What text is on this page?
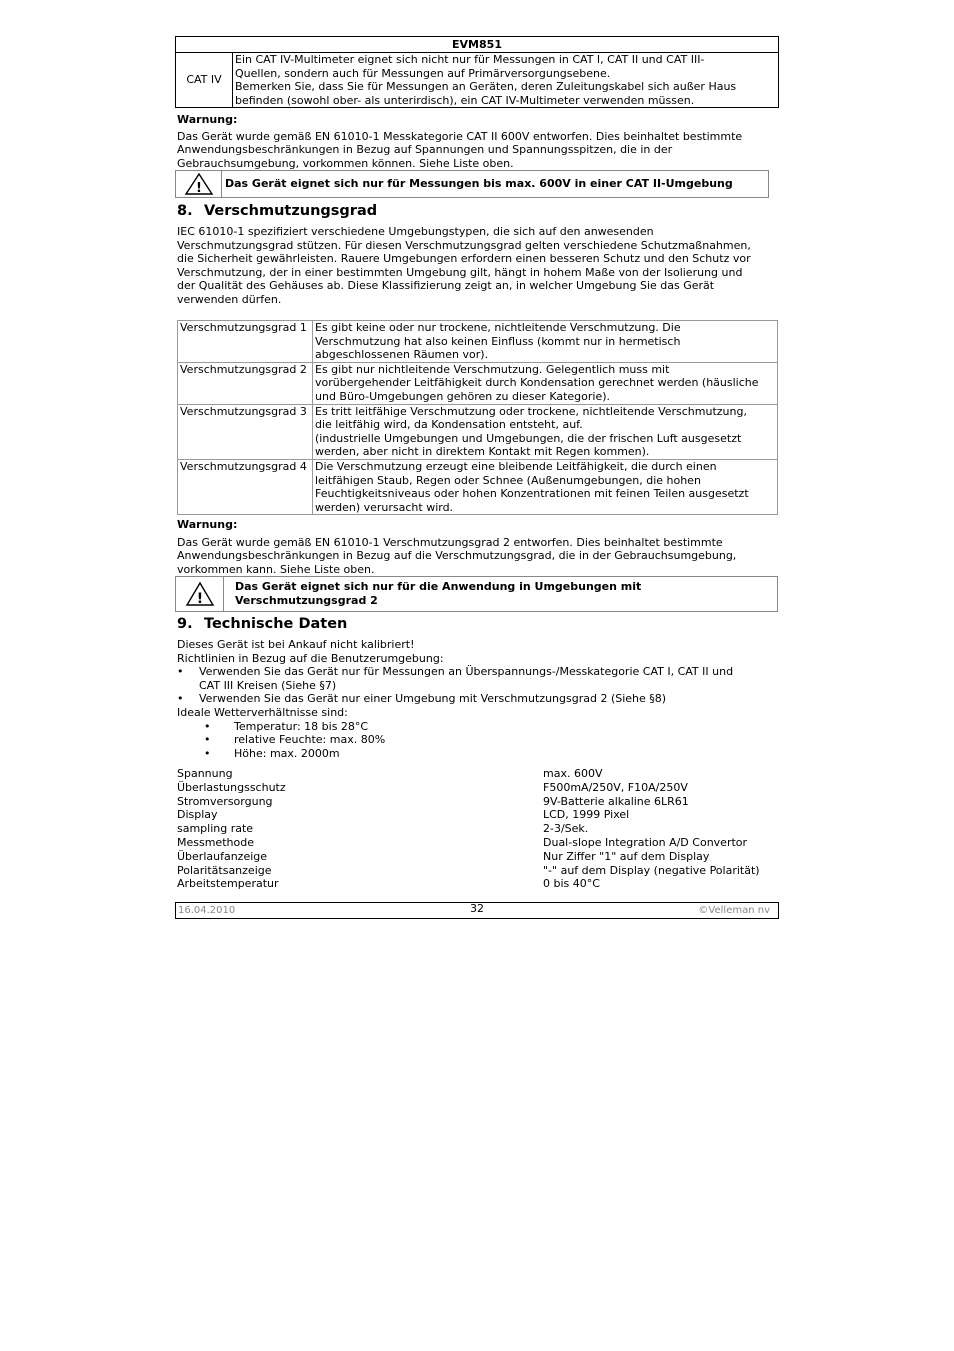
EVM851
CAT IV	
Ein CAT IV-Multimeter eignet sich nicht nur für Messungen in CAT I, CAT II und CAT III-
Quellen, sondern auch für Messungen auf Primärversorgungsebene.
Bemerken Sie, dass Sie für Messungen an Geräten, deren Zuleitungskabel sich außer Haus
befinden (sowohl ober- als unterirdisch), ein CAT IV-Multimeter verwenden müssen.
Warnung:
Das Gerät wurde gemäß EN 61010-1 Messkategorie CAT II 600V entworfen. Dies beinhaltet bestimmte
Anwendungsbeschränkungen in Bezug auf Spannungen und Spannungsspitzen, die in der
Gebrauchsumgebung, vorkommen können. Siehe Liste oben.
! Das Gerät eignet sich nur für Messungen bis max. 600V in einer CAT II-Umgebung
8. Verschmutzungsgrad
IEC 61010-1 spezifiziert verschiedene Umgebungstypen, die sich auf den anwesenden
Verschmutzungsgrad stützen. Für diesen Verschmutzungsgrad gelten verschiedene Schutzmaßnahmen,
die Sicherheit gewährleisten. Rauere Umgebungen erfordern einen besseren Schutz und den Schutz vor
Verschmutzung, der in einer bestimmten Umgebung gilt, hängt in hohem Maße von der Isolierung und
der Qualität des Gehäuses ab. Diese Klassifizierung zeigt an, in welcher Umgebung Sie das Gerät
verwenden dürfen.
Verschmutzungsgrad 1	Es gibt keine oder nur trockene, nichtleitende Verschmutzung. Die
Verschmutzung hat also keinen Einfluss (kommt nur in hermetisch
abgeschlossenen Räumen vor).

Verschmutzungsgrad 2	Es gibt nur nichtleitende Verschmutzung. Gelegentlich muss mit
vorübergehender Leitfähigkeit durch Kondensation gerechnet werden (häusliche
und Büro-Umgebungen gehören zu dieser Kategorie).

Verschmutzungsgrad 3	Es tritt leitfähige Verschmutzung oder trockene, nichtleitende Verschmutzung,
die leitfähig wird, da Kondensation entsteht, auf.
(industrielle Umgebungen und Umgebungen, die der frischen Luft ausgesetzt
werden, aber nicht in direktem Kontakt mit Regen kommen).

Verschmutzungsgrad 4	Die Verschmutzung erzeugt eine bleibende Leitfähigkeit, die durch einen
leitfähigen Staub, Regen oder Schnee (Außenumgebungen, die hohen
Feuchtigkeitsniveaus oder hohen Konzentrationen mit feinen Teilen ausgesetzt
werden) verursacht wird.
Warnung:
Das Gerät wurde gemäß EN 61010-1 Verschmutzungsgrad 2 entworfen. Dies beinhaltet bestimmte
Anwendungsbeschränkungen in Bezug auf die Verschmutzungsgrad, die in der Gebrauchsumgebung,
vorkommen kann. Siehe Liste oben.
!
Das Gerät eignet sich nur für die Anwendung in Umgebungen mit
Verschmutzungsgrad 2
9. Technische Daten
Dieses Gerät ist bei Ankauf nicht kalibriert!
Richtlinien in Bezug auf die Benutzerumgebung:
• Verwenden Sie das Gerät nur für Messungen an Überspannungs-/Messkategorie CAT I, CAT II und
CAT III Kreisen (Siehe §7)
• Verwenden Sie das Gerät nur einer Umgebung mit Verschmutzungsgrad 2 (Siehe §8)
Ideale Wetterverhältnisse sind:
• Temperatur: 18 bis 28°C
• relative Feuchte: max. 80%
• Höhe: max. 2000m
Spannung	max. 600V
Überlastungsschutz	F500mA/250V, F10A/250V
Stromversorgung	9V-Batterie alkaline 6LR61
Display	LCD, 1999 Pixel
sampling rate	2-3/Sek.
Messmethode	Dual-slope Integration A/D Convertor
Überlaufanzeige	Nur Ziffer "1" auf dem Display
Polaritätsanzeige	"-" auf dem Display (negative Polarität)
Arbeitstemperatur	0 bis 40°C
16.04.2010	32	©Velleman nv
